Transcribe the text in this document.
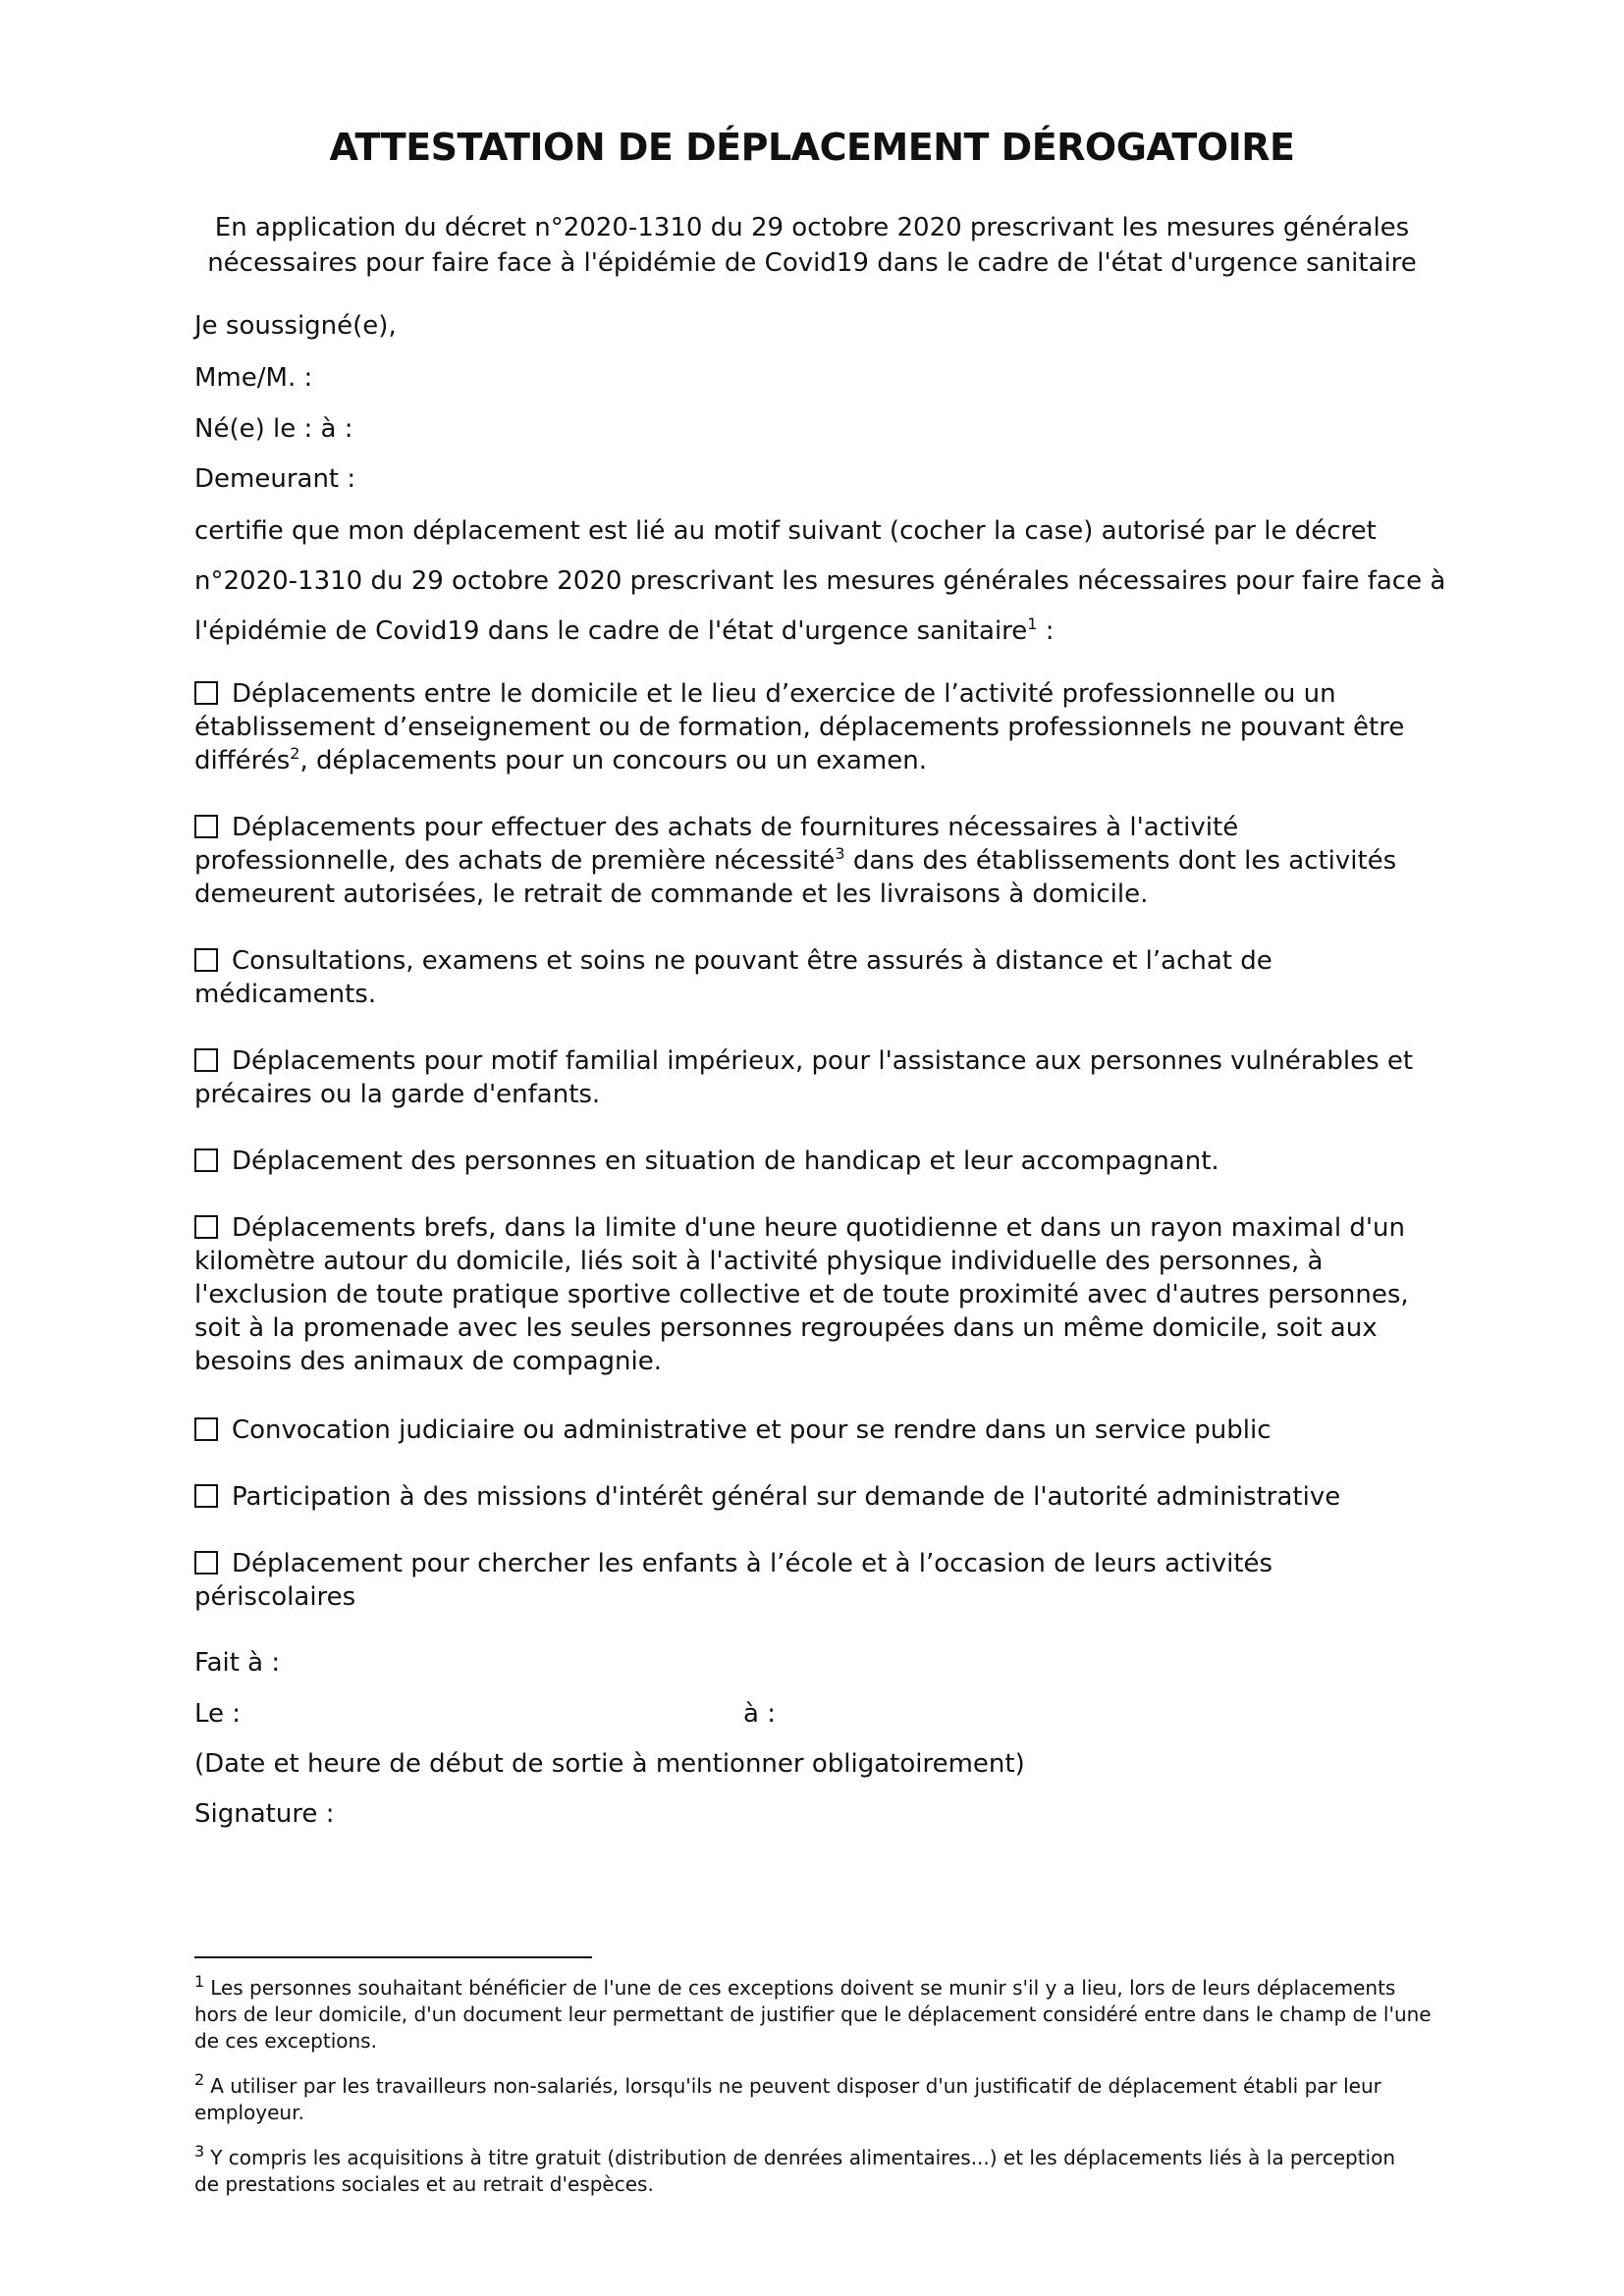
ATTESTATION DE DÉPLACEMENT DÉROGATOIRE

En application du décret n°2020-1310 du 29 octobre 2020 prescrivant les mesures générales
nécessaires pour faire face à l'épidémie de Covid19 dans le cadre de l'état d'urgence sanitaire

Je soussigné(e),

Mme/M. :

Né(e) le : à :

Demeurant :

certifie que mon déplacement est lié au motif suivant (cocher la case) autorisé par le décret
n°2020-1310 du 29 octobre 2020 prescrivant les mesures générales nécessaires pour faire face à
l'épidémie de Covid19 dans le cadre de l'état d'urgence sanitaire$^1$ :

Déplacements entre le domicile et le lieu d’exercice de l’activité professionnelle ou un
établissement d’enseignement ou de formation, déplacements professionnels ne pouvant être
différés$^2$, déplacements pour un concours ou un examen.

Déplacements pour effectuer des achats de fournitures nécessaires à l'activité
professionnelle, des achats de première nécessité$^3$ dans des établissements dont les activités
demeurent autorisées, le retrait de commande et les livraisons à domicile.

Consultations, examens et soins ne pouvant être assurés à distance et l’achat de
médicaments.

Déplacements pour motif familial impérieux, pour l'assistance aux personnes vulnérables et
précaires ou la garde d'enfants.

Déplacement des personnes en situation de handicap et leur accompagnant.

Déplacements brefs, dans la limite d'une heure quotidienne et dans un rayon maximal d'un
kilomètre autour du domicile, liés soit à l'activité physique individuelle des personnes, à
l'exclusion de toute pratique sportive collective et de toute proximité avec d'autres personnes,
soit à la promenade avec les seules personnes regroupées dans un même domicile, soit aux
besoins des animaux de compagnie.

Convocation judiciaire ou administrative et pour se rendre dans un service public

Participation à des missions d'intérêt général sur demande de l'autorité administrative

Déplacement pour chercher les enfants à l’école et à l’occasion de leurs activités
périscolaires

Fait à :

Le :	à :

(Date et heure de début de sortie à mentionner obligatoirement)

Signature :

$^1$ Les personnes souhaitant bénéficier de l'une de ces exceptions doivent se munir s'il y a lieu, lors de leurs déplacements
hors de leur domicile, d'un document leur permettant de justifier que le déplacement considéré entre dans le champ de l'une
de ces exceptions.

$^2$ A utiliser par les travailleurs non-salariés, lorsqu'ils ne peuvent disposer d'un justificatif de déplacement établi par leur
employeur.

$^3$ Y compris les acquisitions à titre gratuit (distribution de denrées alimentaires...) et les déplacements liés à la perception
de prestations sociales et au retrait d'espèces.
